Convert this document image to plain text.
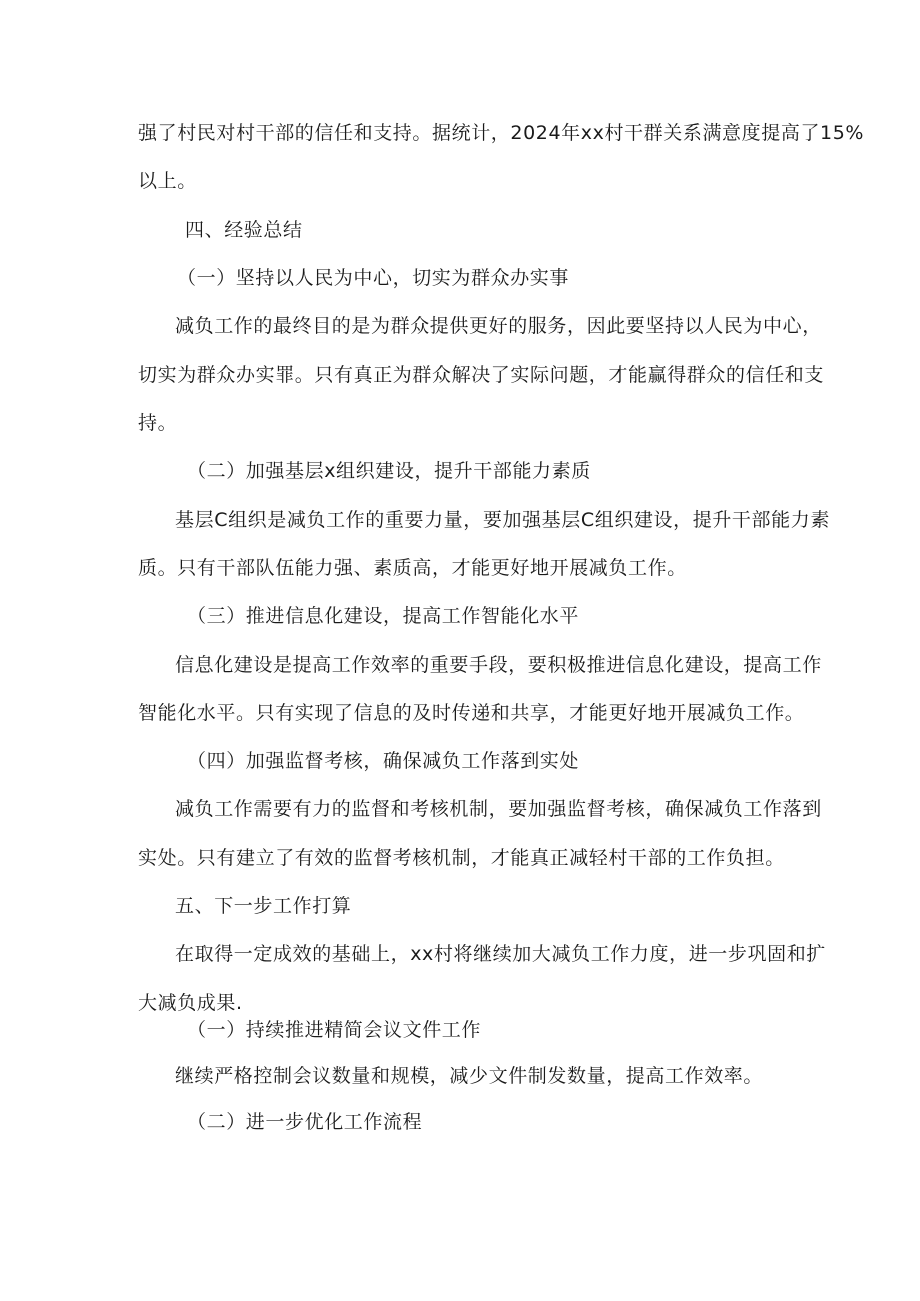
强了村民对村干部的信任和支持。据统计，2024年xx村干群关系满意度提高了15%
以上。
四、经验总结
（一）坚持以人民为中心，切实为群众办实事
减负工作的最终目的是为群众提供更好的服务，因此要坚持以人民为中心，
切实为群众办实罪。只有真正为群众解决了实际问题，才能赢得群众的信任和支
持。
（二）加强基层x组织建设，提升干部能力素质
基层C组织是减负工作的重要力量，要加强基层C组织建设，提升干部能力素
质。只有干部队伍能力强、素质高，才能更好地开展减负工作。
（三）推进信息化建设，提高工作智能化水平
信息化建设是提高工作效率的重要手段，要积极推进信息化建设，提高工作
智能化水平。只有实现了信息的及时传递和共享，才能更好地开展减负工作。
（四）加强监督考核，确保减负工作落到实处
减负工作需要有力的监督和考核机制，要加强监督考核，确保减负工作落到
实处。只有建立了有效的监督考核机制，才能真正减轻村干部的工作负担。
五、下一步工作打算
在取得一定成效的基础上，xx村将继续加大减负工作力度，进一步巩固和扩
大减负成果.
（一）持续推进精简会议文件工作
继续严格控制会议数量和规模，减少文件制发数量，提高工作效率。
（二）进一步优化工作流程
